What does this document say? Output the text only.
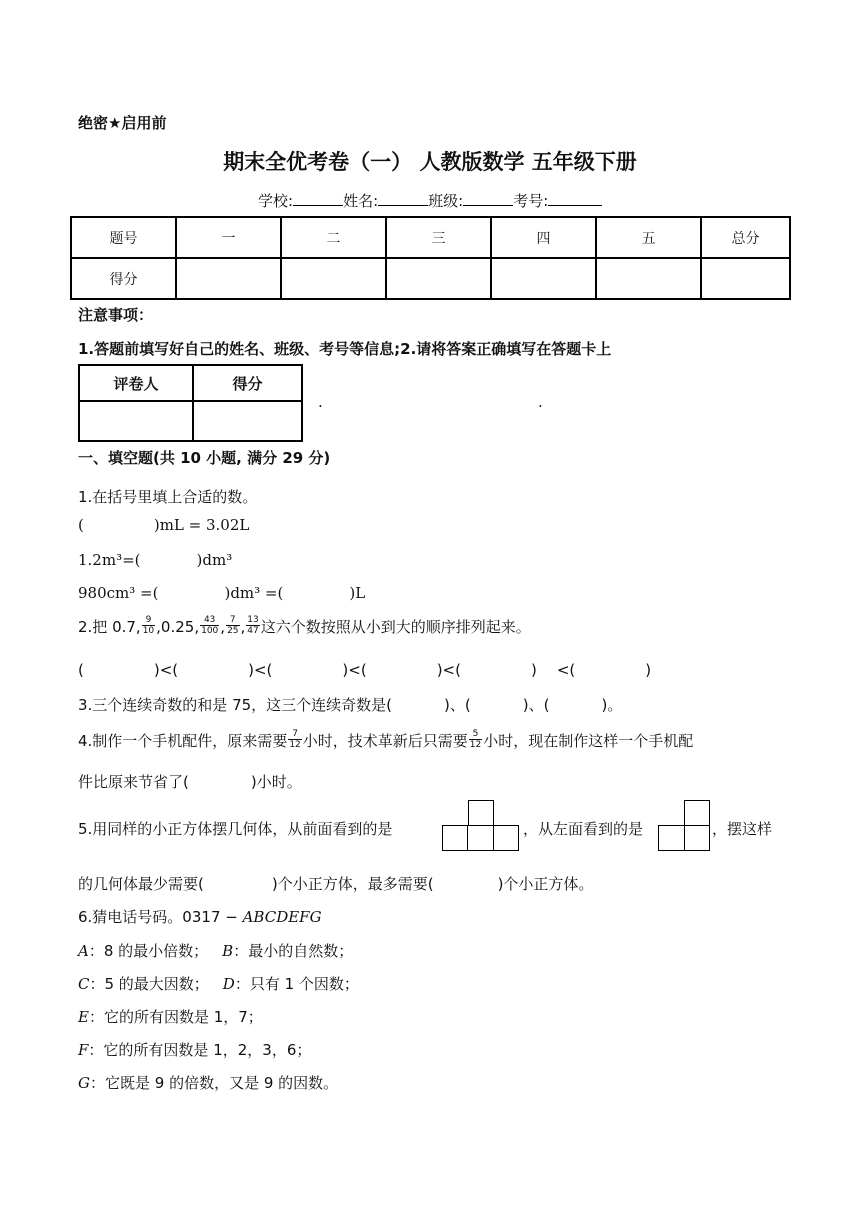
绝密★启用前
期末全优考卷（一） 人教版数学 五年级下册
学校:	姓名:	班级:	考号:
题号	一	二	三	四	五	总分
得分						
注意事项：
1.答题前填写好自己的姓名、班级、考号等信息;2.请将答案正确填写在答题卡上
评卷人	得分

.	.
一、填空题(共 10 小题, 满分 29 分)
1.在括号里填上合适的数。
(	)mL = 3.02L
1.2m³=(	)dm³
980cm³ =(	)dm³ =(	)L
2.把 0.7, $\frac{9}{10} ,0.25$, $\frac{43}{100}$ , $\frac{7}{25}$ , $\frac{13}{47}$ 这六个数按照从小到大的顺序排列起来。
(	)<(	)<(	)<(	)<(	) <(	)
3.三个连续奇数的和是 75，这三个连续奇数是(	)、(	)、(	)。
4.制作一个手机配件，原来需要 $\frac{7}{12}$ 小时，技术革新后只需要 $\frac{5}{12}$ 小时，现在制作这样一个手机配
件比原来节省了(	)小时。
5.用同样的小正方体摆几何体，从前面看到的是	，从左面看到的是	，摆这样
的几何体最少需要(	)个小正方体，最多需要(	)个小正方体。
6.猜电话号码。0317 − ABCDEFG
A：8 的最小倍数； B：最小的自然数；
C：5 的最大因数； D：只有 1 个因数；
E：它的所有因数是 1，7；
F：它的所有因数是 1，2，3，6；
G：它既是 9 的倍数，又是 9 的因数。
